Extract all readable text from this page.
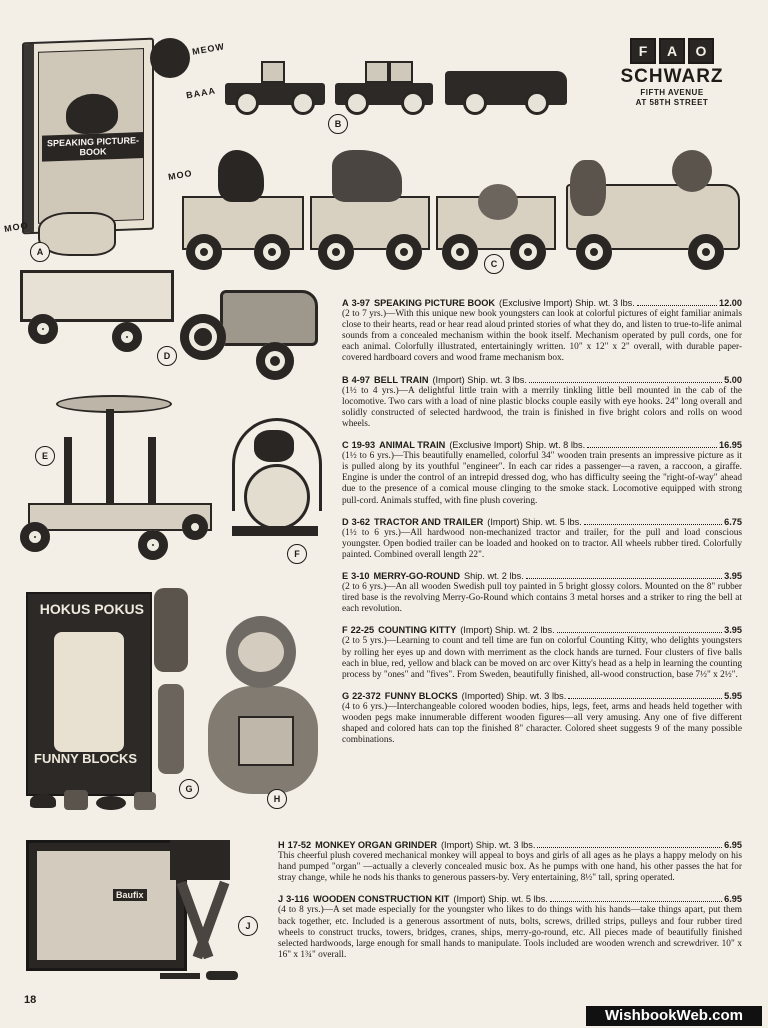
SPEAKING PICTURE-BOOK
MEOW
BAAA
MOO
MOO
A
B
F	A	O
SCHWARZ
FIFTH AVENUE
AT 58TH STREET
C
D
E
F
HOKUS POKUS
FUNNY BLOCKS
G
H
Baufix
J
A 3-97 SPEAKING PICTURE BOOK (Exclusive Import) Ship. wt. 3 lbs.	12.00
(2 to 7 yrs.)—With this unique new book youngsters can look at colorful pictures of eight familiar animals close to their hearts, read or hear read aloud printed stories of what they do, and listen to true-to-life animal sounds from a concealed mechanism within the book itself. Mechanism operated by pull cords, one for each animal. Colorfully illustrated, entertainingly written. 10" x 12" x 2" overall, with durable paper-covered hardboard covers and wood frame mechanism box.
B 4-97 BELL TRAIN (Import) Ship. wt. 3 lbs.	5.00
(1½ to 4 yrs.)—A delightful little train with a merrily tinkling little bell mounted in the cab of the locomotive. Two cars with a load of nine plastic blocks couple easily with eye hooks. 24" long overall and solidly constructed of selected hardwood, the train is finished in five bright colors and rolls on wood wheels.
C 19-93 ANIMAL TRAIN (Exclusive Import) Ship. wt. 8 lbs.	16.95
(1½ to 6 yrs.)—This beautifully enamelled, colorful 34" wooden train presents an impressive picture as it is pulled along by its youthful "engineer". In each car rides a passenger—a raven, a raccoon, a giraffe. Engine is under the control of an intrepid dressed dog, who has difficulty seeing the "right-of-way" ahead due to the presence of a comical mouse clinging to the smoke stack. Locomotive equipped with strong pull-cord. Animals stuffed, with fine plush covering.
D 3-62 TRACTOR AND TRAILER (Import) Ship. wt. 5 lbs.	6.75
(1½ to 6 yrs.)—All hardwood non-mechanized tractor and trailer, for the pull and load conscious youngster. Open bodied trailer can be loaded and hooked on to tractor. All wheels rubber tired. Colorfully painted. Combined overall length 22".
E 3-10 MERRY-GO-ROUND Ship. wt. 2 lbs.	3.95
(2 to 6 yrs.)—An all wooden Swedish pull toy painted in 5 bright glossy colors. Mounted on the 8" rubber tired base is the revolving Merry-Go-Round which contains 3 metal horses and a striker to ring the bell at each revolution.
F 22-25 COUNTING KITTY (Import) Ship. wt. 2 lbs.	3.95
(2 to 5 yrs.)—Learning to count and tell time are fun on colorful Counting Kitty, who delights youngsters by rolling her eyes up and down with merriment as the clock hands are turned. Four clusters of five balls each in blue, red, yellow and black can be moved on arc over Kitty's head as a help in learning the counting process by "ones" and "fives". From Sweden, beautifully finished, all-wood construction, base 7½" x 2½".
G 22-372 FUNNY BLOCKS (Imported) Ship. wt. 3 lbs.	5.95
(4 to 6 yrs.)—Interchangeable colored wooden bodies, hips, legs, feet, arms and heads held together with wooden pegs make innumerable different wooden figures—all very amusing. Any one of five different shaped and colored hats can top the finished 8" character. Colored sheet suggests 9 of the many possible combinations.
H 17-52 MONKEY ORGAN GRINDER (Import) Ship. wt. 3 lbs.	6.95
This cheerful plush covered mechanical monkey will appeal to boys and girls of all ages as he plays a happy melody on his hand pumped "organ" —actually a cleverly concealed music box. As he pumps with one hand, his other passes the hat for stray change, while he nods his thanks to generous passers-by. Very entertaining, 8½" tall, spring operated.
J 3-116 WOODEN CONSTRUCTION KIT (Import) Ship. wt. 5 lbs.	6.95
(4 to 8 yrs.)—A set made especially for the youngster who likes to do things with his hands—take things apart, put them back together, etc. Included is a generous assortment of nuts, bolts, screws, drilled strips, pulleys and four rubber tired wheels to construct trucks, towers, bridges, cranes, ships, merry-go-round, etc. All pieces made of beautifully finished selected hardwoods, large enough for small hands to manipulate. Tools included are wooden wrench and screwdriver. 10" x 16" x 1¾" overall.
18
WishbookWeb.com
